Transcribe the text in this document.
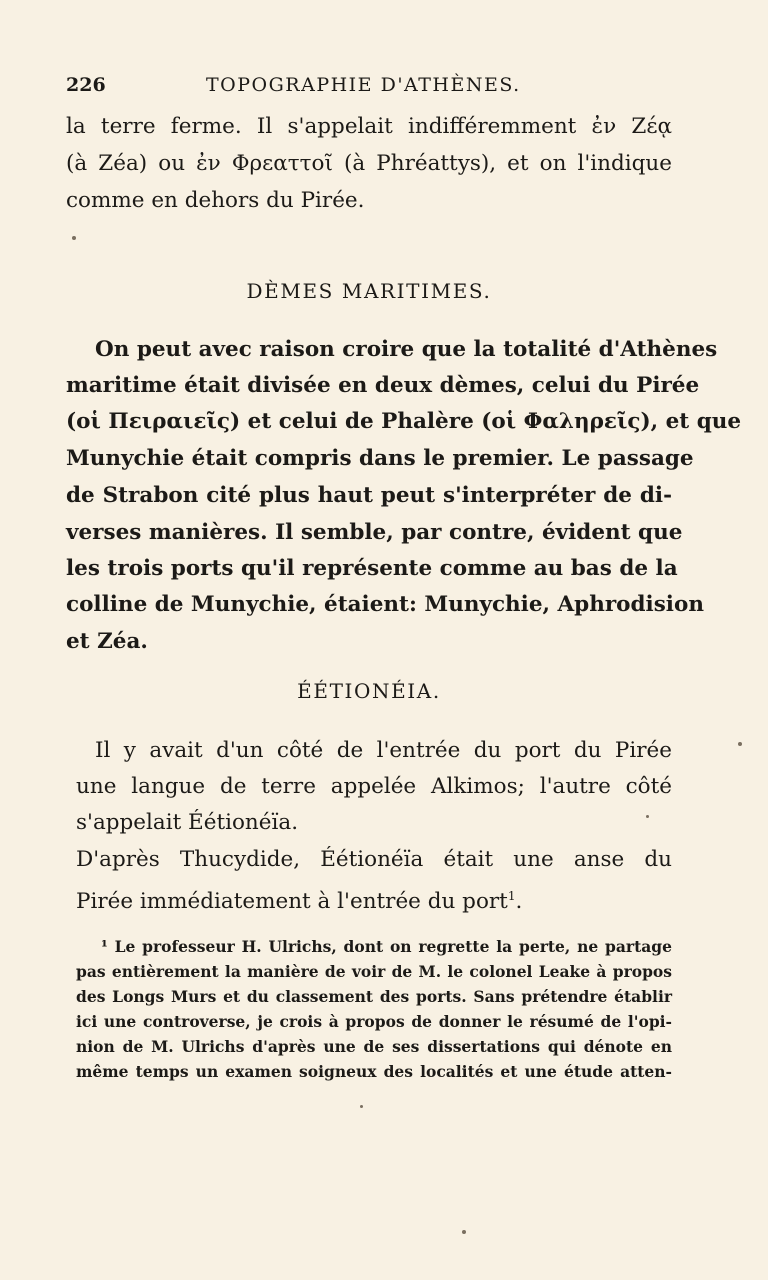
226	TOPOGRAPHIE D'ATHÈNES.
la terre ferme. Il s'appelait indifféremment ἐν Ζέᾳ
(à Zéa) ou ἐν Φρεαττοῖ (à Phréattys), et on l'indique
comme en dehors du Pirée.
DÈMES MARITIMES.
On peut avec raison croire que la totalité d'Athènes
maritime était divisée en deux dèmes, celui du Pirée
(οἱ Πειραιεῖς) et celui de Phalère (οἱ Φαληρεῖς), et que
Munychie était compris dans le premier. Le passage
de Strabon cité plus haut peut s'interpréter de di-
verses manières. Il semble, par contre, évident que
les trois ports qu'il représente comme au bas de la
colline de Munychie, étaient: Munychie, Aphrodision
et Zéa.
ÉÉTIONÉIA.
Il y avait d'un côté de l'entrée du port du Pirée
une langue de terre appelée Alkimos; l'autre côté
s'appelait Éétionéïa.
D'après Thucydide, Éétionéïa était une anse du
Pirée immédiatement à l'entrée du port$^1$.
¹ Le professeur H. Ulrichs, dont on regrette la perte, ne partage
pas entièrement la manière de voir de M. le colonel Leake à propos
des Longs Murs et du classement des ports. Sans prétendre établir
ici une controverse, je crois à propos de donner le résumé de l'opi-
nion de M. Ulrichs d'après une de ses dissertations qui dénote en
même temps un examen soigneux des localités et une étude atten-
